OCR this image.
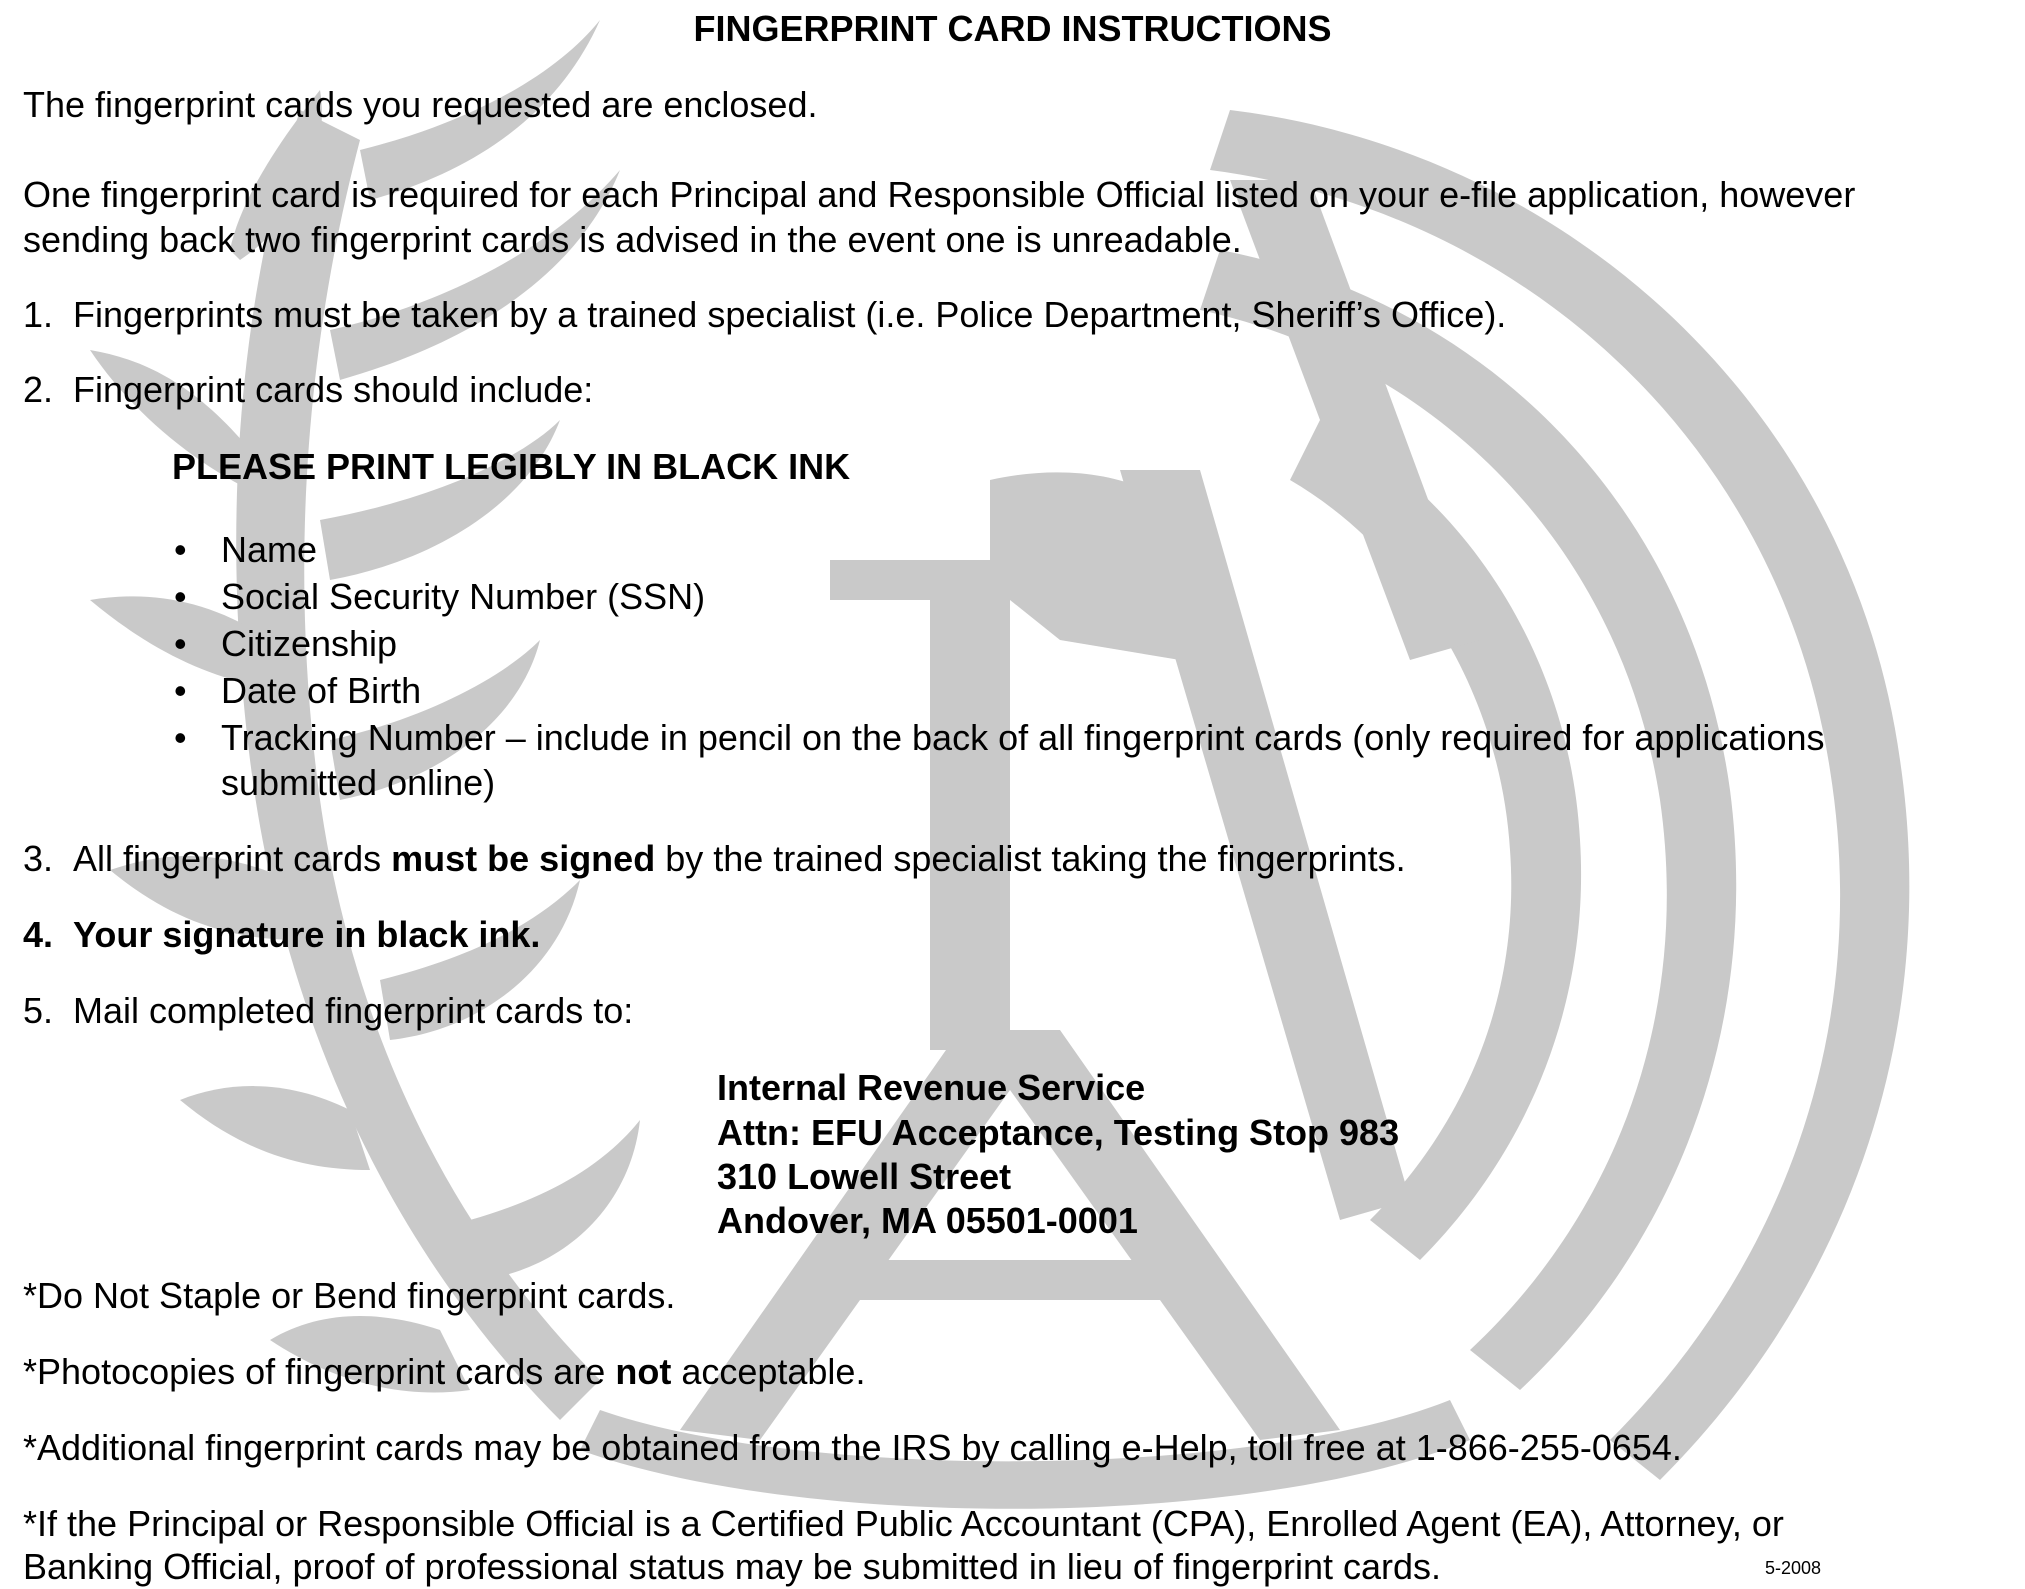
FINGERPRINT CARD INSTRUCTIONS
The fingerprint cards you requested are enclosed.
One fingerprint card is required for each Principal and Responsible Official listed on your e-file application, however
sending back two fingerprint cards is advised in the event one is unreadable.
1. Fingerprints must be taken by a trained specialist (i.e. Police Department, Sheriff’s Office).
2. Fingerprint cards should include:
PLEASE PRINT LEGIBLY IN BLACK INK
• Name
• Social Security Number (SSN)
• Citizenship
• Date of Birth
• Tracking Number – include in pencil on the back of all fingerprint cards (only required for applications
submitted online)
3. All fingerprint cards must be signed by the trained specialist taking the fingerprints.
4. Your signature in black ink.
5. Mail completed fingerprint cards to:
Internal Revenue Service
Attn: EFU Acceptance, Testing Stop 983
310 Lowell Street
Andover, MA 05501-0001
*Do Not Staple or Bend fingerprint cards.
*Photocopies of fingerprint cards are not acceptable.
*Additional fingerprint cards may be obtained from the IRS by calling e-Help, toll free at 1-866-255-0654.
*If the Principal or Responsible Official is a Certified Public Accountant (CPA), Enrolled Agent (EA), Attorney, or
Banking Official, proof of professional status may be submitted in lieu of fingerprint cards.	5-2008
